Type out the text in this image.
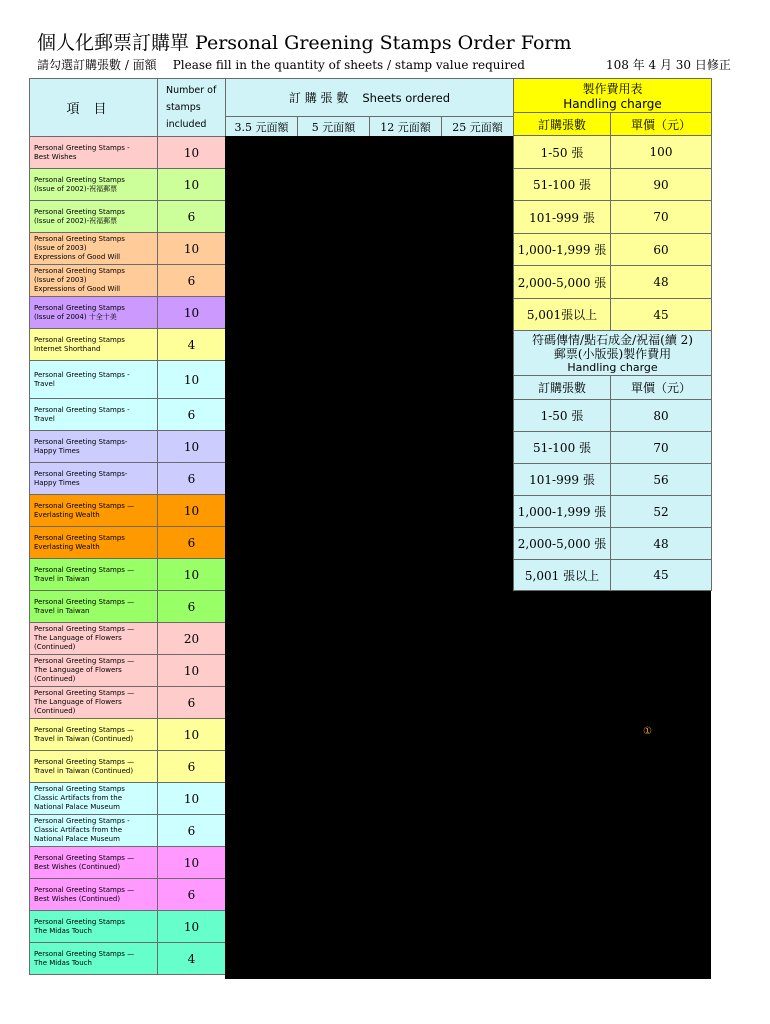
個人化郵票訂購單 Personal Greening Stamps Order Form
請勾選訂購張數 / 面額 Please fill in the quantity of sheets / stamp value required	108 年 4 月 30 日修正
項目	Number of
stamps
included

Personal Greeting Stamps -
Best Wishes	10

Personal Greeting Stamps
(Issue of 2002)-祝福郵票	10

Personal Greeting Stamps
(Issue of 2002)-祝福郵票	6

Personal Greeting Stamps
(Issue of 2003)
Expressions of Good Will	10

Personal Greeting Stamps
(Issue of 2003)
Expressions of Good Will	6

Personal Greeting Stamps
(Issue of 2004) 十全十美	10

Personal Greeting Stamps
Internet Shorthand	4

Personal Greeting Stamps -
Travel	10

Personal Greeting Stamps -
Travel	6

Personal Greeting Stamps-
Happy Times	10

Personal Greeting Stamps-
Happy Times	6

Personal Greeting Stamps —
Everlasting Wealth	10

Personal Greeting Stamps
Everlasting Wealth	6

Personal Greeting Stamps —
Travel in Taiwan	10

Personal Greeting Stamps —
Travel in Taiwan	6

Personal Greeting Stamps —
The Language of Flowers
(Continued)	20

Personal Greeting Stamps —
The Language of Flowers
(Continued)	10

Personal Greeting Stamps —
The Language of Flowers
(Continued)	6

Personal Greeting Stamps —
Travel in Taiwan (Continued)	10

Personal Greeting Stamps —
Travel in Taiwan (Continued)	6

Personal Greeting Stamps
Classic Artifacts from the
National Palace Museum	10

Personal Greeting Stamps -
Classic Artifacts from the
National Palace Museum	6

Personal Greeting Stamps —
Best Wishes (Continued)	10

Personal Greeting Stamps —
Best Wishes (Continued)	6

Personal Greeting Stamps
The Midas Touch	10

Personal Greeting Stamps —
The Midas Touch	4
訂 購 張 數 Sheets ordered
3.5 元面額	5 元面額	12 元面額	25 元面額
①
製作費用表
Handling charge	

訂購張數	單價（元）
1-50 張	100
51-100 張	90
101-999 張	70
1,000-1,999 張	60
2,000-5,000 張	48
5,001張以上	45

符碼傳情/點石成金/祝福(續 2)
郵票(小版張)製作費用
Handling charge	

訂購張數	單價（元）
1-50 張	80
51-100 張	70
101-999 張	56
1,000-1,999 張	52
2,000-5,000 張	48
5,001 張以上	45
